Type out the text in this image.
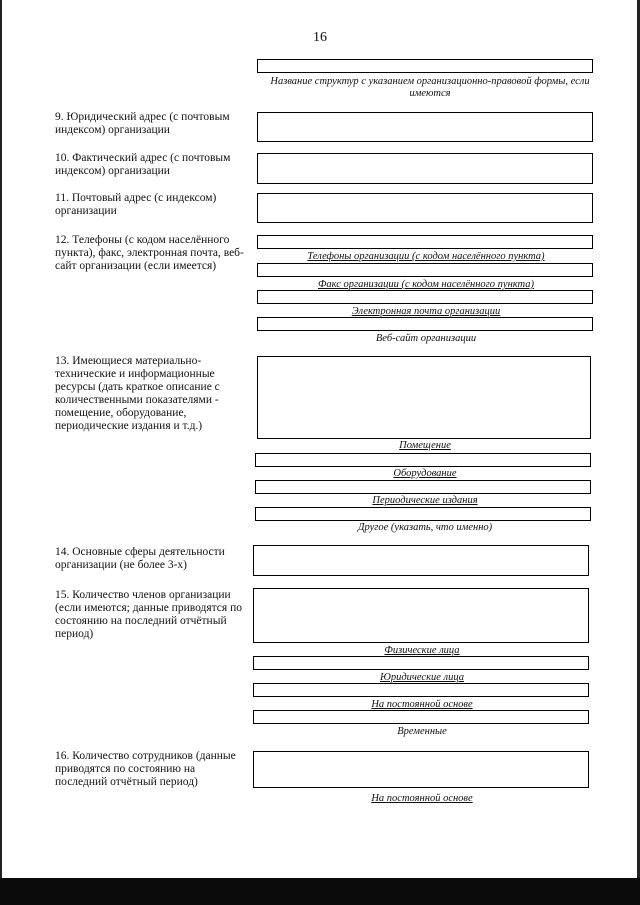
16
Название структур с указанием организационно-правовой формы, если имеются
9. Юридический адрес (с почтовым индексом) организации
10. Фактический адрес (с почтовым индексом) организации
11. Почтовый адрес (с индексом) организации
12. Телефоны (с кодом населённого пункта), факс, электронная почта, веб-сайт организации (если имеется)
Телефоны организации (с кодом населённого пункта)
Факс организации (с кодом населённого пункта)
Электронная почта организации
Веб-сайт организации
13. Имеющиеся материально-технические и информационные ресурсы (дать краткое описание с количественными показателями - помещение, оборудование, периодические издания и т.д.)
Помещение
Оборудование
Периодические издания
Другое (указать, что именно)
14. Основные сферы деятельности организации (не более 3-х)
15. Количество членов организации (если имеются; данные приводятся по состоянию на последний отчётный период)
Физические лица
Юридические лица
На постоянной основе
Временные
16. Количество сотрудников (данные приводятся по состоянию на последний отчётный период)
На постоянной основе
